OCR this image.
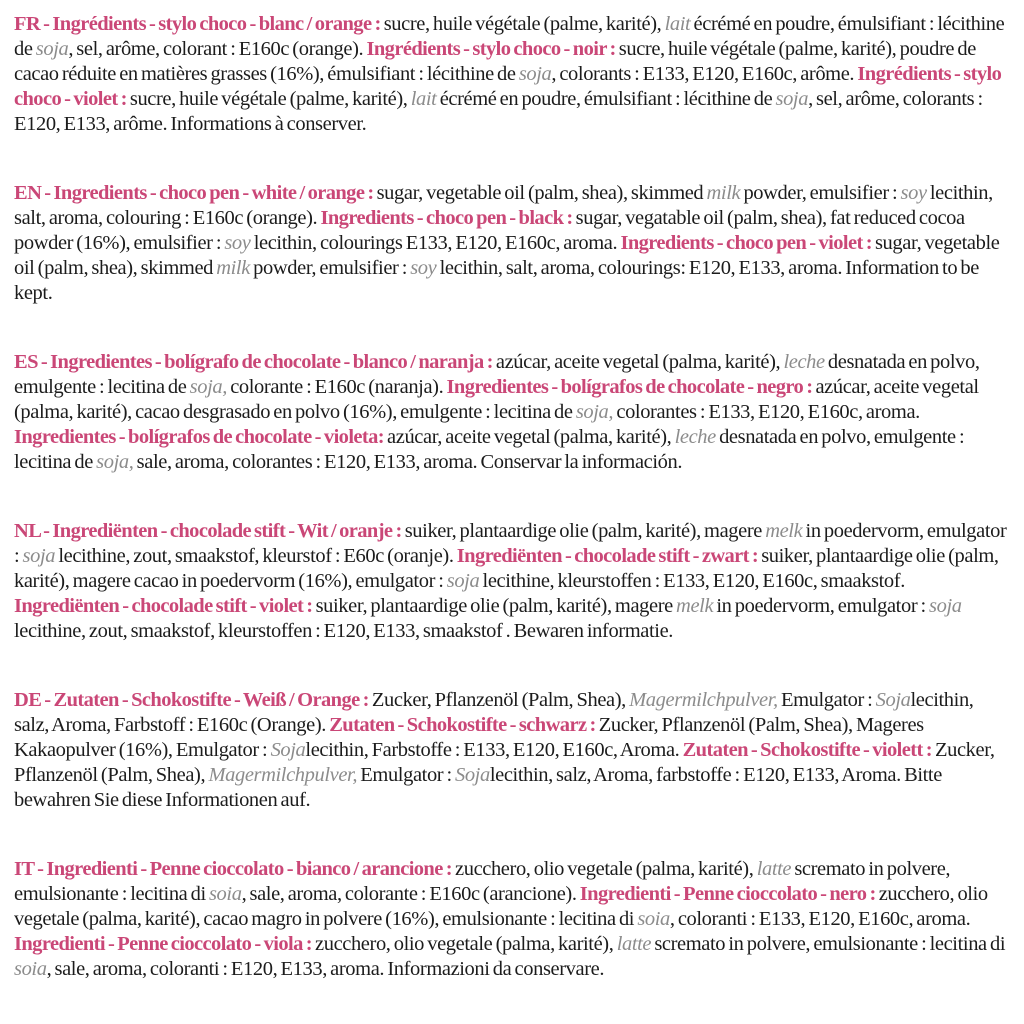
FR - Ingrédients - stylo choco - blanc / orange : sucre, huile végétale (palme, karité), lait écrémé en poudre, émulsifiant : lécithine de soja, sel, arôme, colorant : E160c (orange). Ingrédients - stylo choco - noir : sucre, huile végétale (palme, karité), poudre de cacao réduite en matières grasses (16%), émulsifiant : lécithine de soja, colorants : E133, E120, E160c, arôme. Ingrédients - stylo choco - violet : sucre, huile végétale (palme, karité), lait écrémé en poudre, émulsifiant : lécithine de soja, sel, arôme, colorants : E120, E133, arôme. Informations à conserver.

EN - Ingredients - choco pen - white / orange : sugar, vegetable oil (palm, shea), skimmed milk powder, emulsifier : soy lecithin, salt, aroma, colouring : E160c (orange). Ingredients - choco pen - black : sugar, vegatable oil (palm, shea), fat reduced cocoa powder (16%), emulsifier : soy lecithin, colourings E133, E120, E160c, aroma. Ingredients - choco pen - violet : sugar, vegetable oil (palm, shea), skimmed milk powder, emulsifier : soy lecithin, salt, aroma, colourings: E120, E133, aroma. Information to be kept.

ES - Ingredientes - bolígrafo de chocolate - blanco / naranja : azúcar, aceite vegetal (palma, karité), leche desnatada en polvo, emulgente : lecitina de soja, colorante : E160c (naranja). Ingredientes - bolígrafos de chocolate - negro : azúcar, aceite vegetal (palma, karité), cacao desgrasado en polvo (16%), emulgente : lecitina de soja, colorantes : E133, E120, E160c, aroma. Ingredientes - bolígrafos de chocolate - violeta: azúcar, aceite vegetal (palma, karité), leche desnatada en polvo, emulgente : lecitina de soja, sale, aroma, colorantes : E120, E133, aroma. Conservar la información.

NL - Ingrediënten - chocolade stift - Wit / oranje : suiker, plantaardige olie (palm, karité), magere melk in poedervorm, emulgator : soja lecithine, zout, smaakstof, kleurstof : E60c (oranje). Ingrediënten - chocolade stift - zwart : suiker, plantaardige olie (palm, karité), magere cacao in poedervorm (16%), emulgator : soja lecithine, kleurstoffen : E133, E120, E160c, smaakstof. Ingrediënten - chocolade stift - violet : suiker, plantaardige olie (palm, karité), magere melk in poedervorm, emulgator : soja lecithine, zout, smaakstof, kleurstoffen : E120, E133, smaakstof . Bewaren informatie.

DE - Zutaten - Schokostifte - Weiß / Orange : Zucker, Pflanzenöl (Palm, Shea), Magermilchpulver, Emulgator : Sojalecithin, salz, Aroma, Farbstoff : E160c (Orange). Zutaten - Schokostifte - schwarz : Zucker, Pflanzenöl (Palm, Shea), Mageres Kakaopulver (16%), Emulgator : Sojalecithin, Farbstoffe : E133, E120, E160c, Aroma. Zutaten - Schokostifte - violett : Zucker, Pflanzenöl (Palm, Shea), Magermilchpulver, Emulgator : Sojalecithin, salz, Aroma, farbstoffe : E120, E133, Aroma. Bitte bewahren Sie diese Informationen auf.

IT - Ingredienti - Penne cioccolato - bianco / arancione : zucchero, olio vegetale (palma, karité), latte scremato in polvere, emulsionante : lecitina di soia, sale, aroma, colorante : E160c (arancione). Ingredienti - Penne cioccolato - nero : zucchero, olio vegetale (palma, karité), cacao magro in polvere (16%), emulsionante : lecitina di soia, coloranti : E133, E120, E160c, aroma. Ingredienti - Penne cioccolato - viola : zucchero, olio vegetale (palma, karité), latte scremato in polvere, emulsionante : lecitina di soia, sale, aroma, coloranti : E120, E133, aroma. Informazioni da conservare.
